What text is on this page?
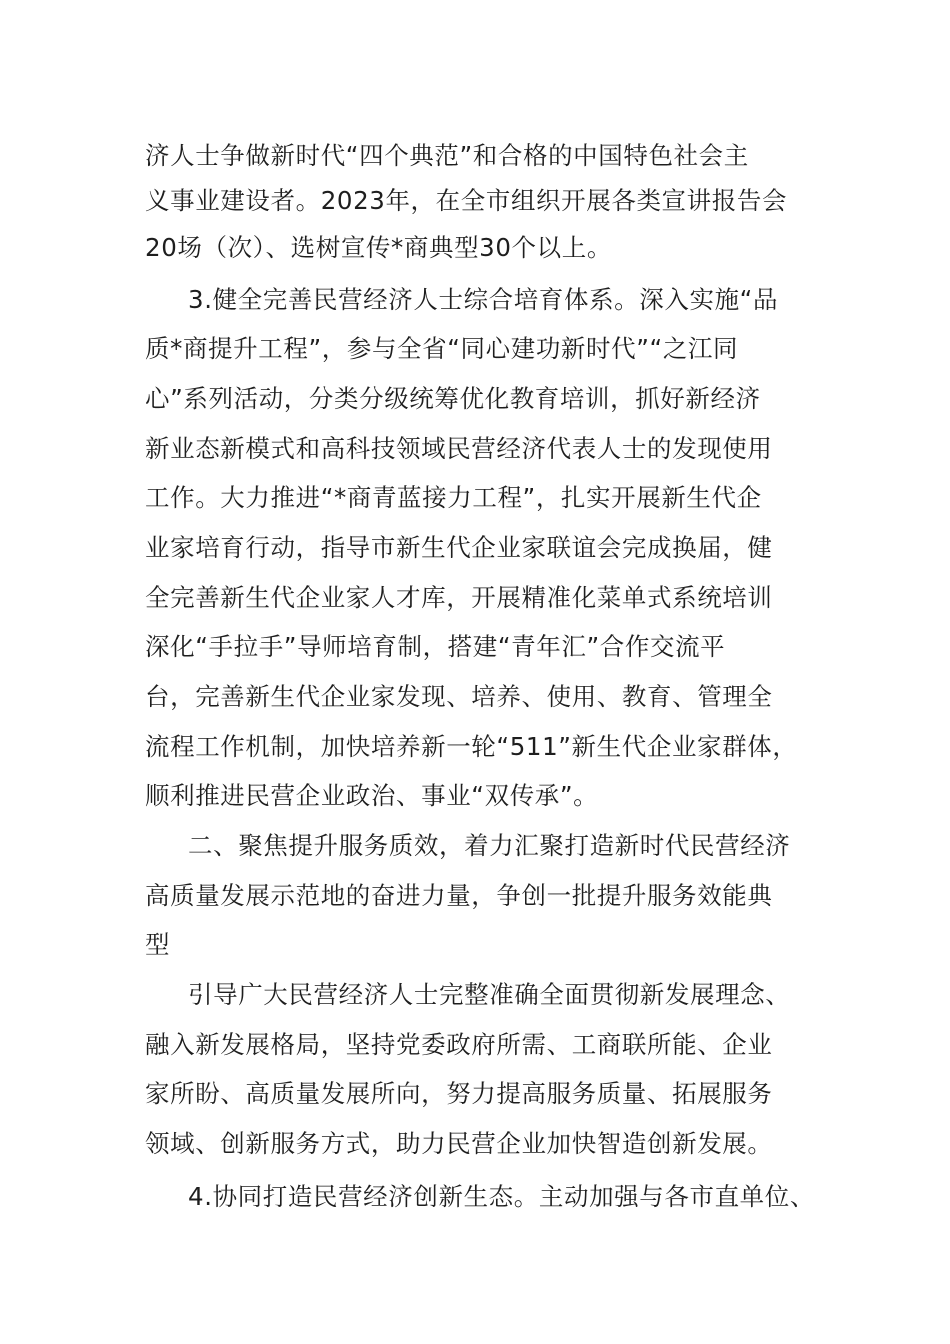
济人士争做新时代“四个典范”和合格的中国特色社会主
义事业建设者。2023年，在全市组织开展各类宣讲报告会
20场（次）、选树宣传*商典型30个以上。
3.健全完善民营经济人士综合培育体系。深入实施“品
质*商提升工程”，参与全省“同心建功新时代”“之江同
心”系列活动，分类分级统筹优化教育培训，抓好新经济
新业态新模式和高科技领域民营经济代表人士的发现使用
工作。大力推进“*商青蓝接力工程”，扎实开展新生代企
业家培育行动，指导市新生代企业家联谊会完成换届，健
全完善新生代企业家人才库，开展精准化菜单式系统培训
深化“手拉手”导师培育制，搭建“青年汇”合作交流平
台，完善新生代企业家发现、培养、使用、教育、管理全
流程工作机制，加快培养新一轮“511”新生代企业家群体，
顺利推进民营企业政治、事业“双传承”。
二、聚焦提升服务质效，着力汇聚打造新时代民营经济
高质量发展示范地的奋进力量，争创一批提升服务效能典
型
引导广大民营经济人士完整准确全面贯彻新发展理念、
融入新发展格局，坚持党委政府所需、工商联所能、企业
家所盼、高质量发展所向，努力提高服务质量、拓展服务
领域、创新服务方式，助力民营企业加快智造创新发展。
4.协同打造民营经济创新生态。主动加强与各市直单位、
